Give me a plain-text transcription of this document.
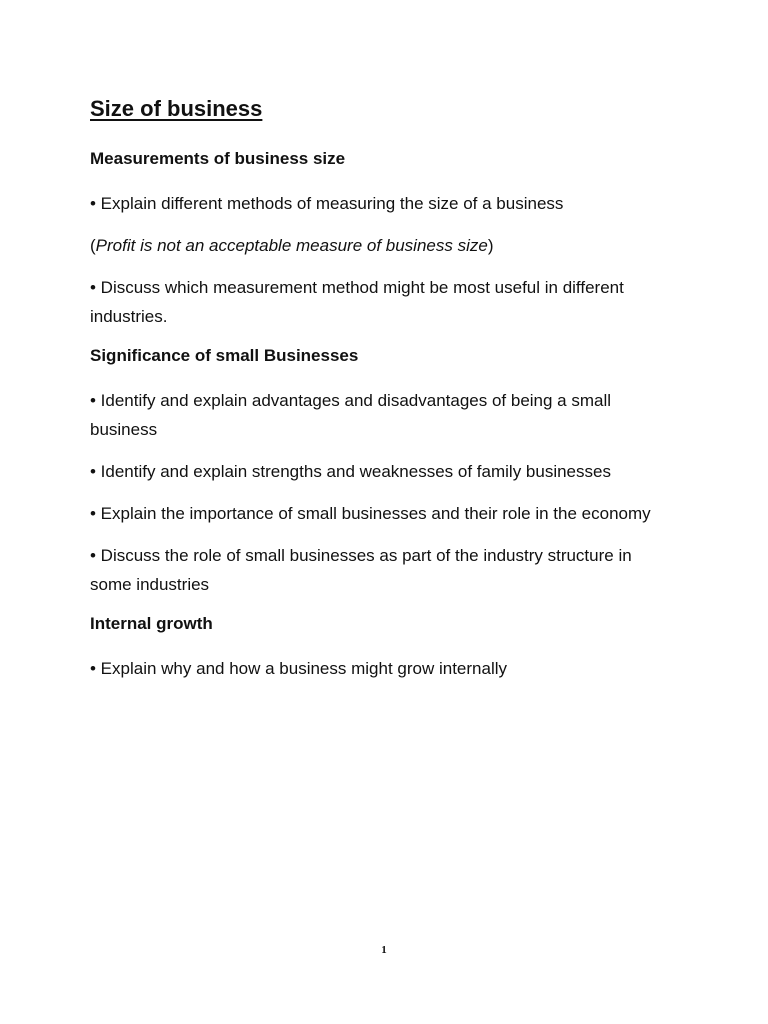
Size of business
Measurements of business size
• Explain different methods of measuring the size of a business
(Profit is not an acceptable measure of business size)
• Discuss which measurement method might be most useful in different industries.
Significance of small Businesses
• Identify and explain advantages and disadvantages of being a small business
• Identify and explain strengths and weaknesses of family businesses
• Explain the importance of small businesses and their role in the economy
• Discuss the role of small businesses as part of the industry structure in some industries
Internal growth
• Explain why and how a business might grow internally
1
